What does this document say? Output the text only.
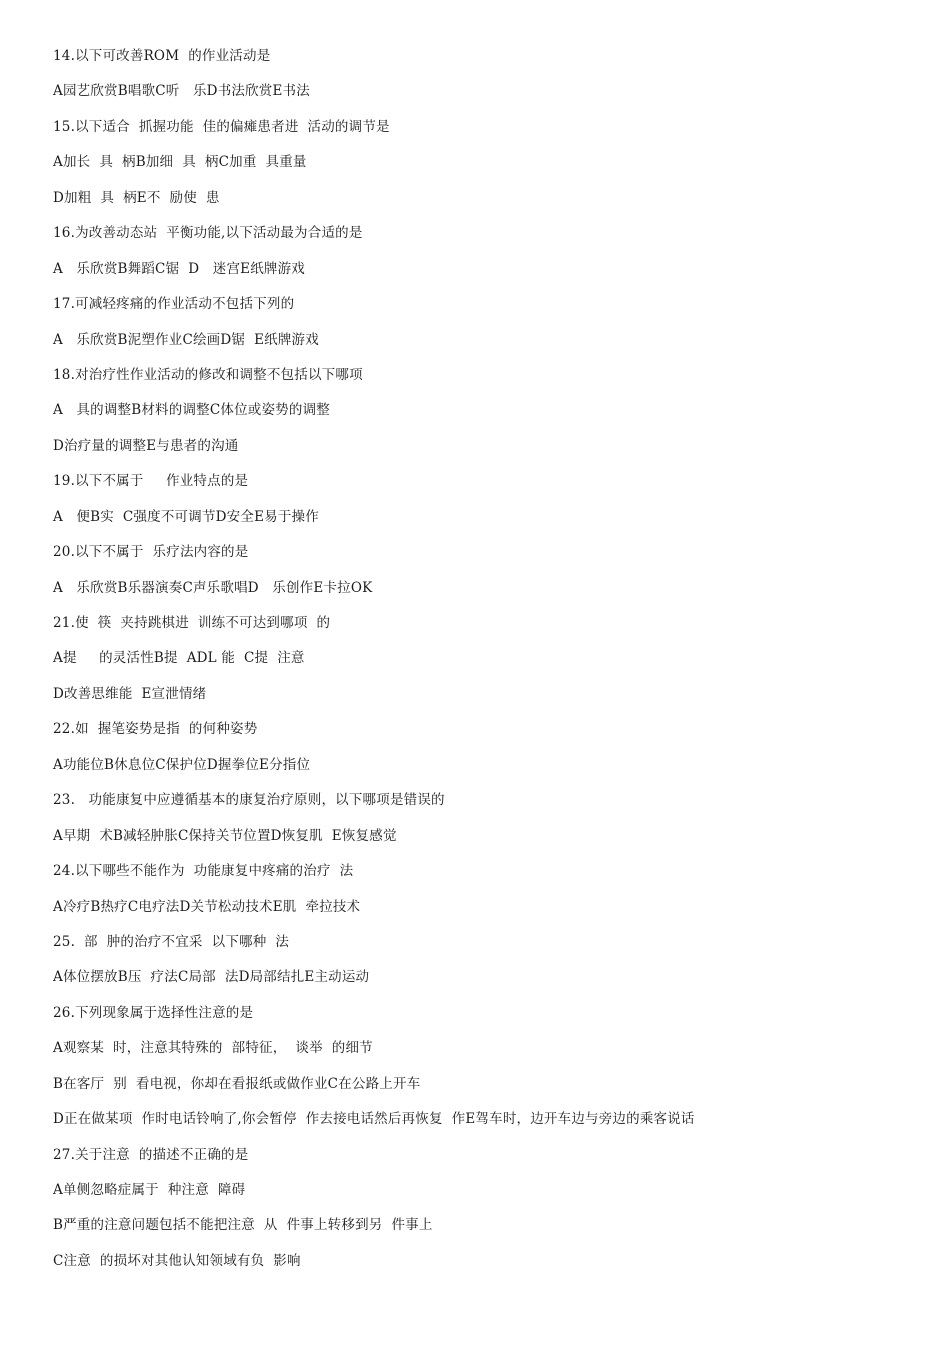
14.以下可改善ROM  的作业活动是
A园艺欣赏B唱歌C听   乐D书法欣赏E书法
15.以下适合  抓握功能  佳的偏瘫患者进  活动的调节是
A加长  具  柄B加细  具  柄C加重  具重量
D加粗  具  柄E不  励使  患
16.为改善动态站  平衡功能,以下活动最为合适的是
A   乐欣赏B舞蹈C锯  D   迷宫E纸牌游戏
17.可减轻疼痛的作业活动不包括下列的
A   乐欣赏B泥塑作业C绘画D锯  E纸牌游戏
18.对治疗性作业活动的修改和调整不包括以下哪项
A   具的调整B材料的调整C体位或姿势的调整
D治疗量的调整E与患者的沟通
19.以下不属于     作业特点的是
A   便B实  C强度不可调节D安全E易于操作
20.以下不属于  乐疗法内容的是
A   乐欣赏B乐器演奏C声乐歌唱D   乐创作E卡拉OK
21.使  筷  夹持跳棋进  训练不可达到哪项  的
A提     的灵活性B提  ADL 能  C提  注意
D改善思维能  E宣泄情绪
22.如  握笔姿势是指  的何种姿势
A功能位B休息位C保护位D握拳位E分指位
23.   功能康复中应遵循基本的康复治疗原则，以下哪项是错误的
A早期  术B减轻肿胀C保持关节位置D恢复肌  E恢复感觉
24.以下哪些不能作为  功能康复中疼痛的治疗  法
A冷疗B热疗C电疗法D关节松动技术E肌  牵拉技术
25.  部  肿的治疗不宜采  以下哪种  法
A体位摆放B压  疗法C局部  法D局部结扎E主动运动
26.下列现象属于选择性注意的是
A观察某  时，注意其特殊的  部特征，  谈举  的细节
B在客厅  别  看电视，你却在看报纸或做作业C在公路上开车
D正在做某项  作时电话铃响了,你会暂停  作去接电话然后再恢复  作E驾车时，边开车边与旁边的乘客说话
27.关于注意  的描述不正确的是
A单侧忽略症属于  种注意  障碍
B严重的注意问题包括不能把注意  从  件事上转移到另  件事上
C注意  的损坏对其他认知领域有负  影响
